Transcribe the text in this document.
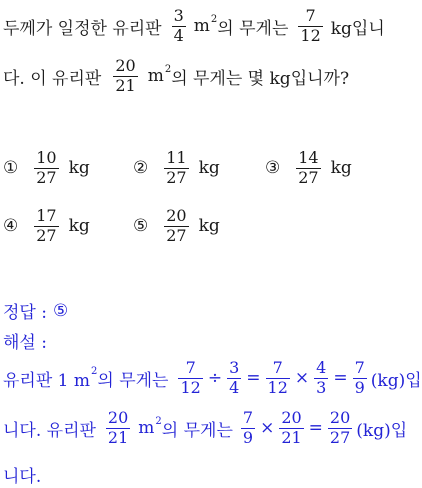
두께가 일정한 유리판 $\frac{3}{4}$ m 2 의 무게는 $\frac{7}{12}$ kg입니
다. 이 유리판 $\frac{20}{21}$ m 2 의 무게는 몇 kg입니까?
① $\frac{10}{27}$ kg	② $\frac{11}{27}$ kg	③ $\frac{14}{27}$ kg
④ $\frac{17}{27}$ kg	⑤ $\frac{20}{27}$ kg
정답 : ⑤
해설 :
유리판 1 m 2 의 무게는 $\frac{7}{12} \div \frac{3}{4} = \frac{7}{12} \times \frac{4}{3} = \frac{7}{9} (kg)$입
니다. 유리판 $\frac{20}{21}$ m 2 의 무게는 $\frac{7}{9} \times \frac{20}{21} = \frac{20}{27} (kg)$입
니다.
